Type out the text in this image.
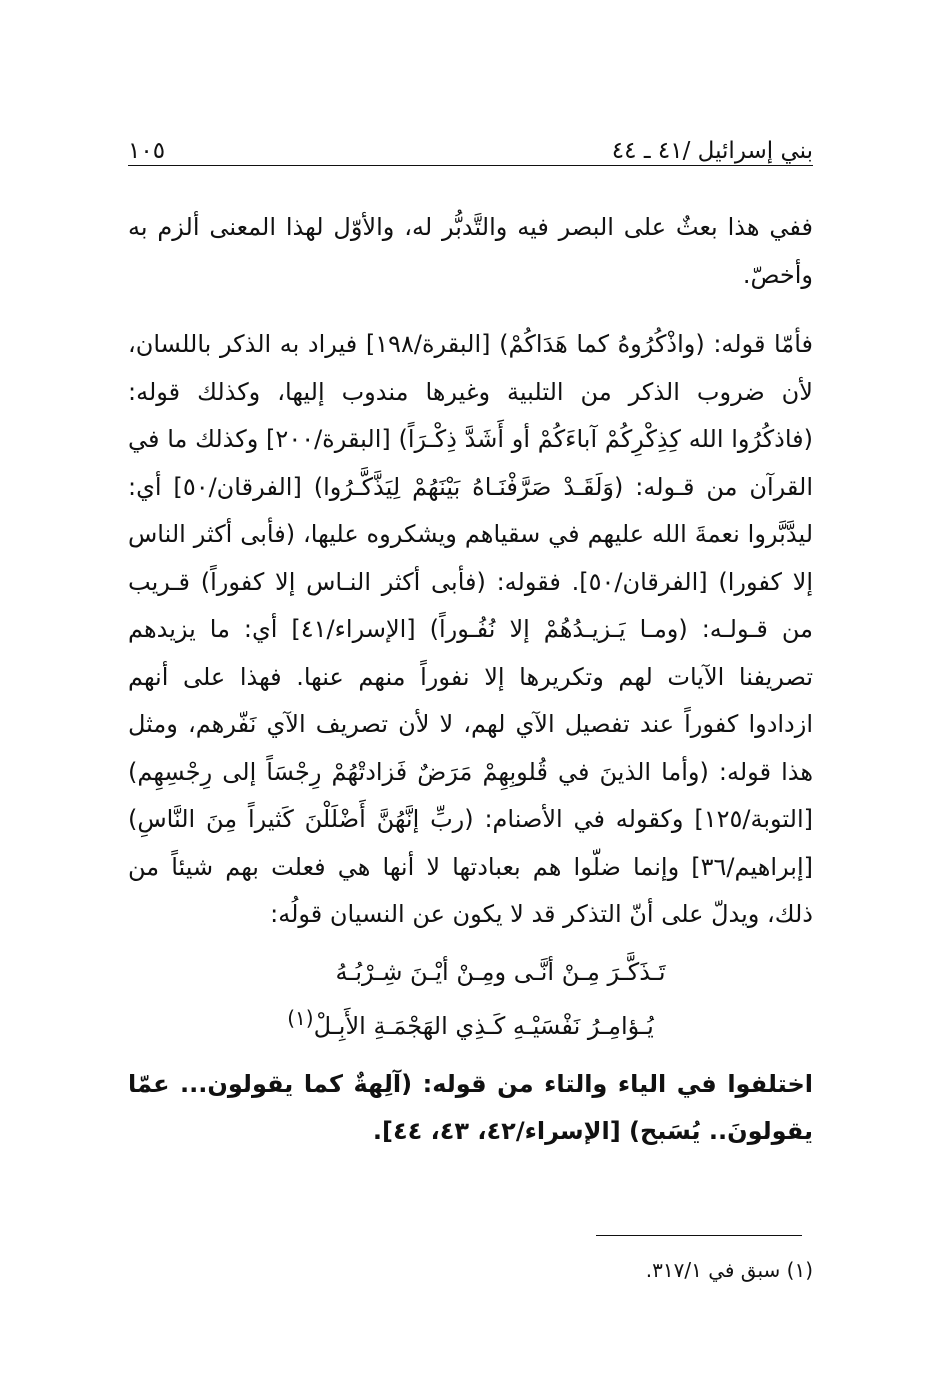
بني إسرائيل /٤١ ـ ٤٤
١٠٥

ففي هذا بعثٌ على البصر فيه والتَّدبُّر له، والأوّل لهذا المعنى ألزم به وأخصّ.

فأمّا قوله: (واذْكُرُوهُ كما هَدَاكُمْ) [البقرة/١٩٨] فيراد به الذكر باللسان، لأن ضروب الذكر من التلبية وغيرها مندوب إليها، وكذلك قوله: (فاذكُرُوا الله كِذِكْرِكُمْ آباءَكُمْ أو أَشَدَّ ذِكْـرَاً) [البقرة/٢٠٠] وكذلك ما في القرآن من قـوله: (وَلَقَـدْ صَرَّفْنَـاهُ بَيْنَهُمْ لِيَذَّكَّـرُوا) [الفرقان/٥٠] أي: ليدَّبَّروا نعمةَ الله عليهم في سقياهم ويشكروه عليها، (فأبى أكثر الناس إلا كفورا) [الفرقان/٥٠]. فقوله: (فأبى أكثر النـاس إلا كفوراً) قـريب من قـولـه: (ومـا يَـزيـدُهُمْ إلا نُفُـوراً) [الإسراء/٤١] أي: ما يزيدهم تصريفنا الآيات لهم وتكريرها إلا نفوراً منهم عنها. فهذا على أنهم ازدادوا كفوراً عند تفصيل الآي لهم، لا لأن تصريف الآي نَفّرهم، ومثل هذا قوله: (وأما الذينَ في قُلوبِهِمْ مَرَضٌ فَزادتْهُمْ رِجْسَاً إلى رِجْسِهِم) [التوبة/١٢٥] وكقوله في الأصنام: (ربِّ إنَّهُنَّ أَضْلَلْنَ كَثيراً مِنَ النَّاسِ) [إبراهيم/٣٦] وإنما ضلّوا هم بعبادتها لا أنها هي فعلت بهم شيئاً من ذلك، ويدلّ على أنّ التذكر قد لا يكون عن النسيان قولُه:

تَـذَكَّـرَ مِـنْ أنَّـى ومِـنْ أيْـنَ شِـرْبُـهُ
يُـؤامِـرُ نَفْسَيْـهِ كَـذِي الهَجْمَـةِ الأَبِـلْ$^{(١)}$

اختلفوا في الياء والتاء من قوله: (آلِهةٌ كما يقولون... عمّا يقولونَ.. يُسَبح) [الإسراء/٤٢، ٤٣، ٤٤].

(١) سبق في ٣١٧/١.
